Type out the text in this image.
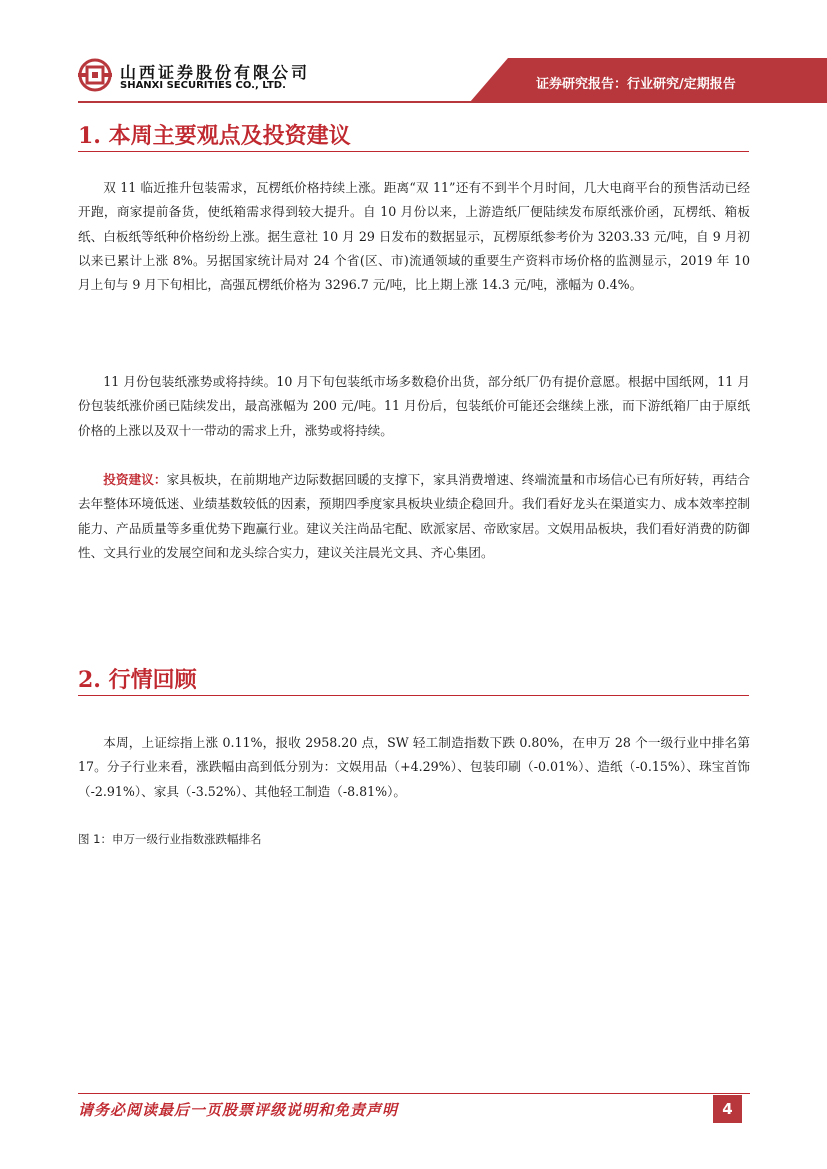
山西证券股份有限公司
SHANXI SECURITIES CO., LTD.	证券研究报告：行业研究/定期报告
1. 本周主要观点及投资建议

双 11 临近推升包装需求，瓦楞纸价格持续上涨。距离“双 11”还有不到半个月时间，几大电商平台的预售活动已经开跑，商家提前备货，使纸箱需求得到较大提升。自 10 月份以来，上游造纸厂便陆续发布原纸涨价函，瓦楞纸、箱板纸、白板纸等纸种价格纷纷上涨。据生意社 10 月 29 日发布的数据显示，瓦楞原纸参考价为 3203.33 元/吨，自 9 月初以来已累计上涨 8%。另据国家统计局对 24 个省(区、市)流通领域的重要生产资料市场价格的监测显示，2019 年 10 月上旬与 9 月下旬相比，高强瓦楞纸价格为 3296.7 元/吨，比上期上涨 14.3 元/吨，涨幅为 0.4%。

11 月份包装纸涨势或将持续。10 月下旬包装纸市场多数稳价出货，部分纸厂仍有提价意愿。根据中国纸网，11 月份包装纸涨价函已陆续发出，最高涨幅为 200 元/吨。11 月份后，包装纸价可能还会继续上涨，而下游纸箱厂由于原纸价格的上涨以及双十一带动的需求上升，涨势或将持续。

投资建议：家具板块，在前期地产边际数据回暖的支撑下，家具消费增速、终端流量和市场信心已有所好转，再结合去年整体环境低迷、业绩基数较低的因素，预期四季度家具板块业绩企稳回升。我们看好龙头在渠道实力、成本效率控制能力、产品质量等多重优势下跑赢行业。建议关注尚品宅配、欧派家居、帝欧家居。文娱用品板块，我们看好消费的防御性、文具行业的发展空间和龙头综合实力，建议关注晨光文具、齐心集团。

2. 行情回顾

本周，上证综指上涨 0.11%，报收 2958.20 点，SW 轻工制造指数下跌 0.80%，在申万 28 个一级行业中排名第 17。分子行业来看，涨跌幅由高到低分别为：文娱用品（+4.29%）、包装印刷（-0.01%）、造纸（-0.15%）、珠宝首饰（-2.91%）、家具（-3.52%）、其他轻工制造（-8.81%）。

图 1：申万一级行业指数涨跌幅排名
请务必阅读最后一页股票评级说明和免责声明	4
